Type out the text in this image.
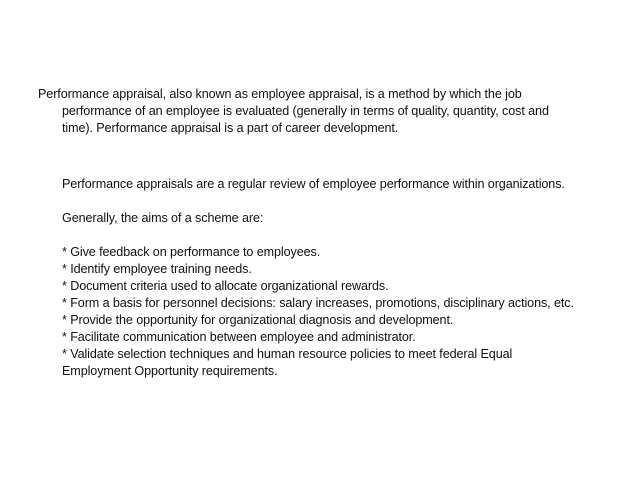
Performance appraisal, also known as employee appraisal, is a method by which the job

performance of an employee is evaluated (generally in terms of quality, quantity, cost and

time). Performance appraisal is a part of career development.

Performance appraisals are a regular review of employee performance within organizations.

Generally, the aims of a scheme are:

* Give feedback on performance to employees.

* Identify employee training needs.

* Document criteria used to allocate organizational rewards.

* Form a basis for personnel decisions: salary increases, promotions, disciplinary actions, etc.

* Provide the opportunity for organizational diagnosis and development.

* Facilitate communication between employee and administrator.

* Validate selection techniques and human resource policies to meet federal Equal

Employment Opportunity requirements.
